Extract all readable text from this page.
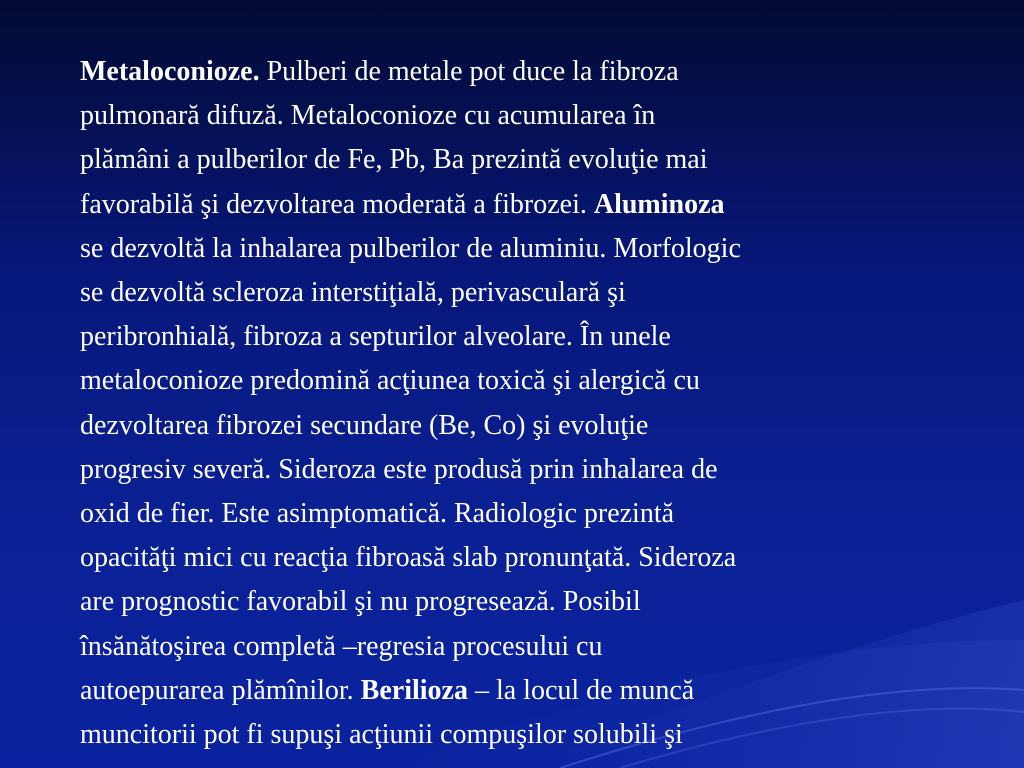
Metaloconioze. Pulberi de metale pot duce la fibroza
pulmonară difuză. Metaloconioze cu acumularea în
plămâni a pulberilor de Fe, Pb, Ba prezintă evoluţie mai
favorabilă şi dezvoltarea moderată a fibrozei. Aluminoza
se dezvoltă la inhalarea pulberilor de aluminiu. Morfologic
se dezvoltă scleroza interstiţială, perivasculară şi
peribronhială, fibroza a septurilor alveolare. În unele
metaloconioze predomină acţiunea toxică şi alergică cu
dezvoltarea fibrozei secundare (Be, Co) şi evoluţie
progresiv severă. Sideroza este produsă prin inhalarea de
oxid de fier. Este asimptomatică. Radiologic prezintă
opacităţi mici cu reacţia fibroasă slab pronunţată. Sideroza
are prognostic favorabil şi nu progresează. Posibil
însănătoşirea completă –regresia procesului cu
autoepurarea plămînilor. Berilioza – la locul de muncă
muncitorii pot fi supuşi acţiunii compuşilor solubili şi
